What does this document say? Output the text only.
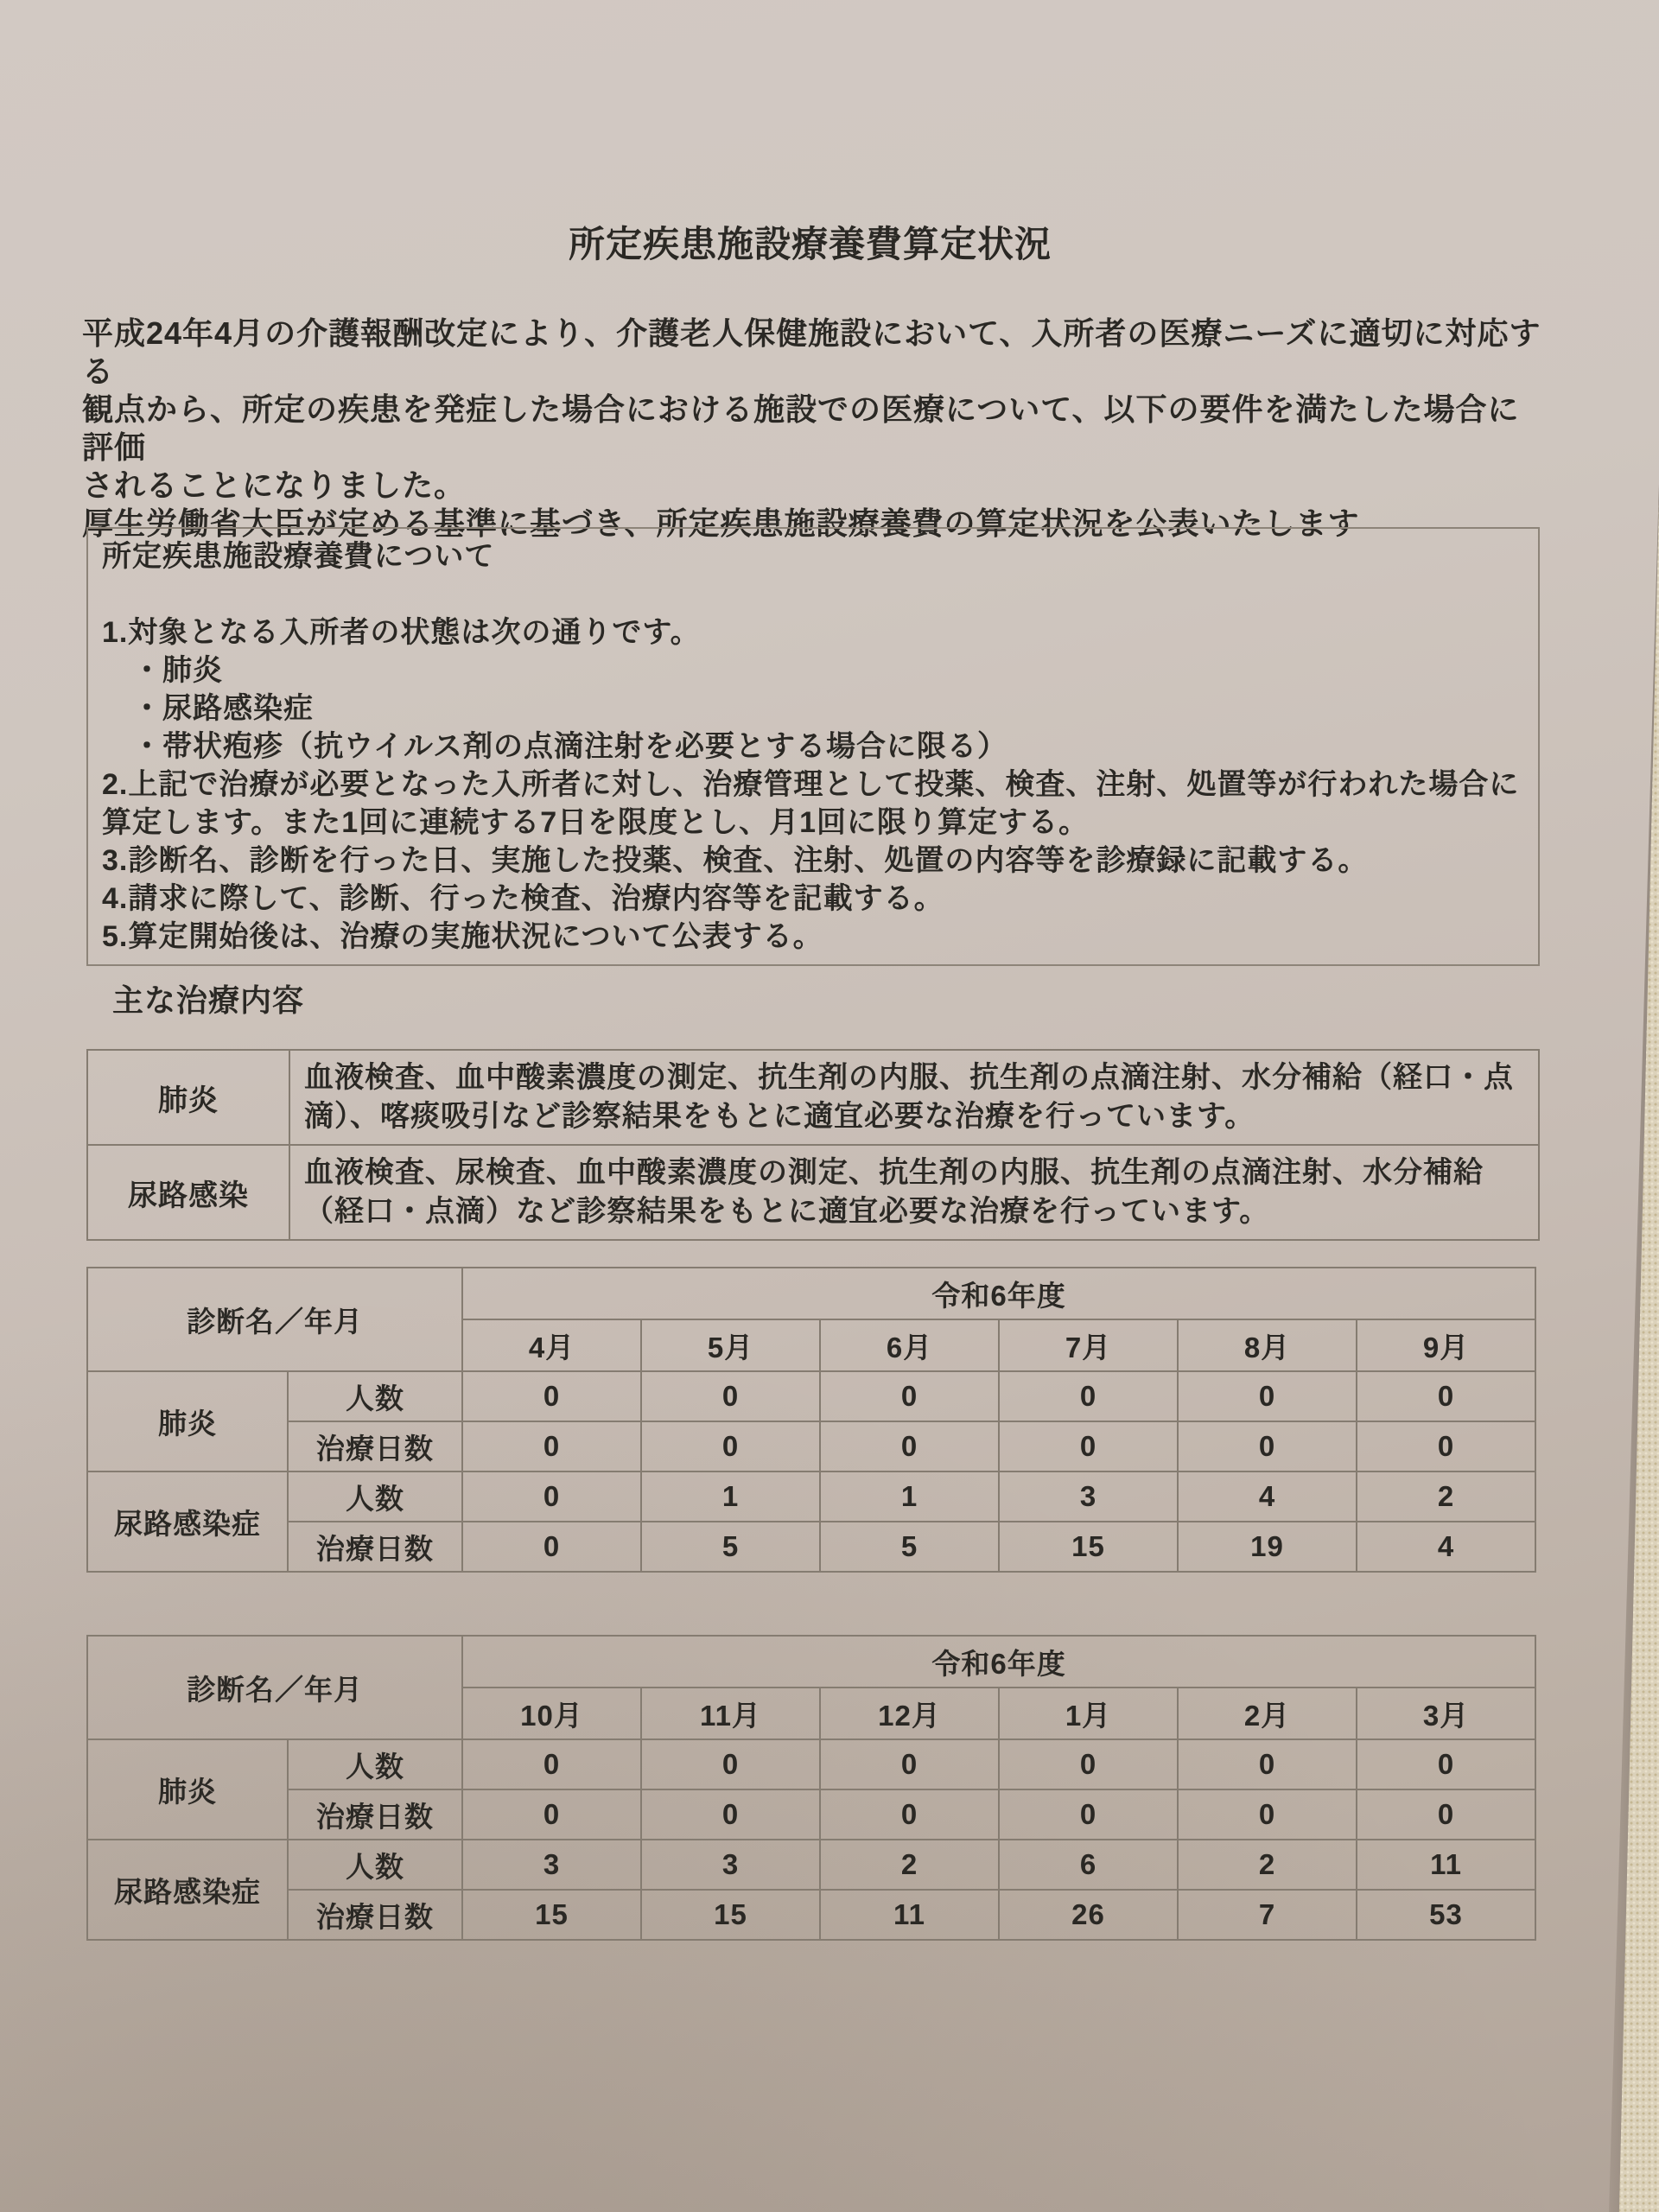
所定疾患施設療養費算定状況
平成24年4月の介護報酬改定により、介護老人保健施設において、入所者の医療ニーズに適切に対応する
観点から、所定の疾患を発症した場合における施設での医療について、以下の要件を満たした場合に評価
されることになりました。
厚生労働省大臣が定める基準に基づき、所定疾患施設療養費の算定状況を公表いたします
所定疾患施設療養費について
1.対象となる入所者の状態は次の通りです。
　・肺炎
　・尿路感染症
　・帯状疱疹（抗ウイルス剤の点滴注射を必要とする場合に限る）
2.上記で治療が必要となった入所者に対し、治療管理として投薬、検査、注射、処置等が行われた場合に算定します。また1回に連続する7日を限度とし、月1回に限り算定する。
3.診断名、診断を行った日、実施した投薬、検査、注射、処置の内容等を診療録に記載する。
4.請求に際して、診断、行った検査、治療内容等を記載する。
5.算定開始後は、治療の実施状況について公表する。
主な治療内容
肺炎	血液検査、血中酸素濃度の測定、抗生剤の内服、抗生剤の点滴注射、水分補給（経口・点滴）、喀痰吸引など診察結果をもとに適宜必要な治療を行っています。
尿路感染	血液検査、尿検査、血中酸素濃度の測定、抗生剤の内服、抗生剤の点滴注射、水分補給（経口・点滴）など診察結果をもとに適宜必要な治療を行っています。
診断名／年月		令和6年度					
		4月	5月	6月	7月	8月	9月
肺炎	人数	0	0	0	0	0	0
	治療日数	0	0	0	0	0	0
尿路感染症	人数	0	1	1	3	4	2
	治療日数	0	5	5	15	19	4
診断名／年月		令和6年度					
		10月	11月	12月	1月	2月	3月
肺炎	人数	0	0	0	0	0	0
	治療日数	0	0	0	0	0	0
尿路感染症	人数	3	3	2	6	2	11
	治療日数	15	15	11	26	7	53
